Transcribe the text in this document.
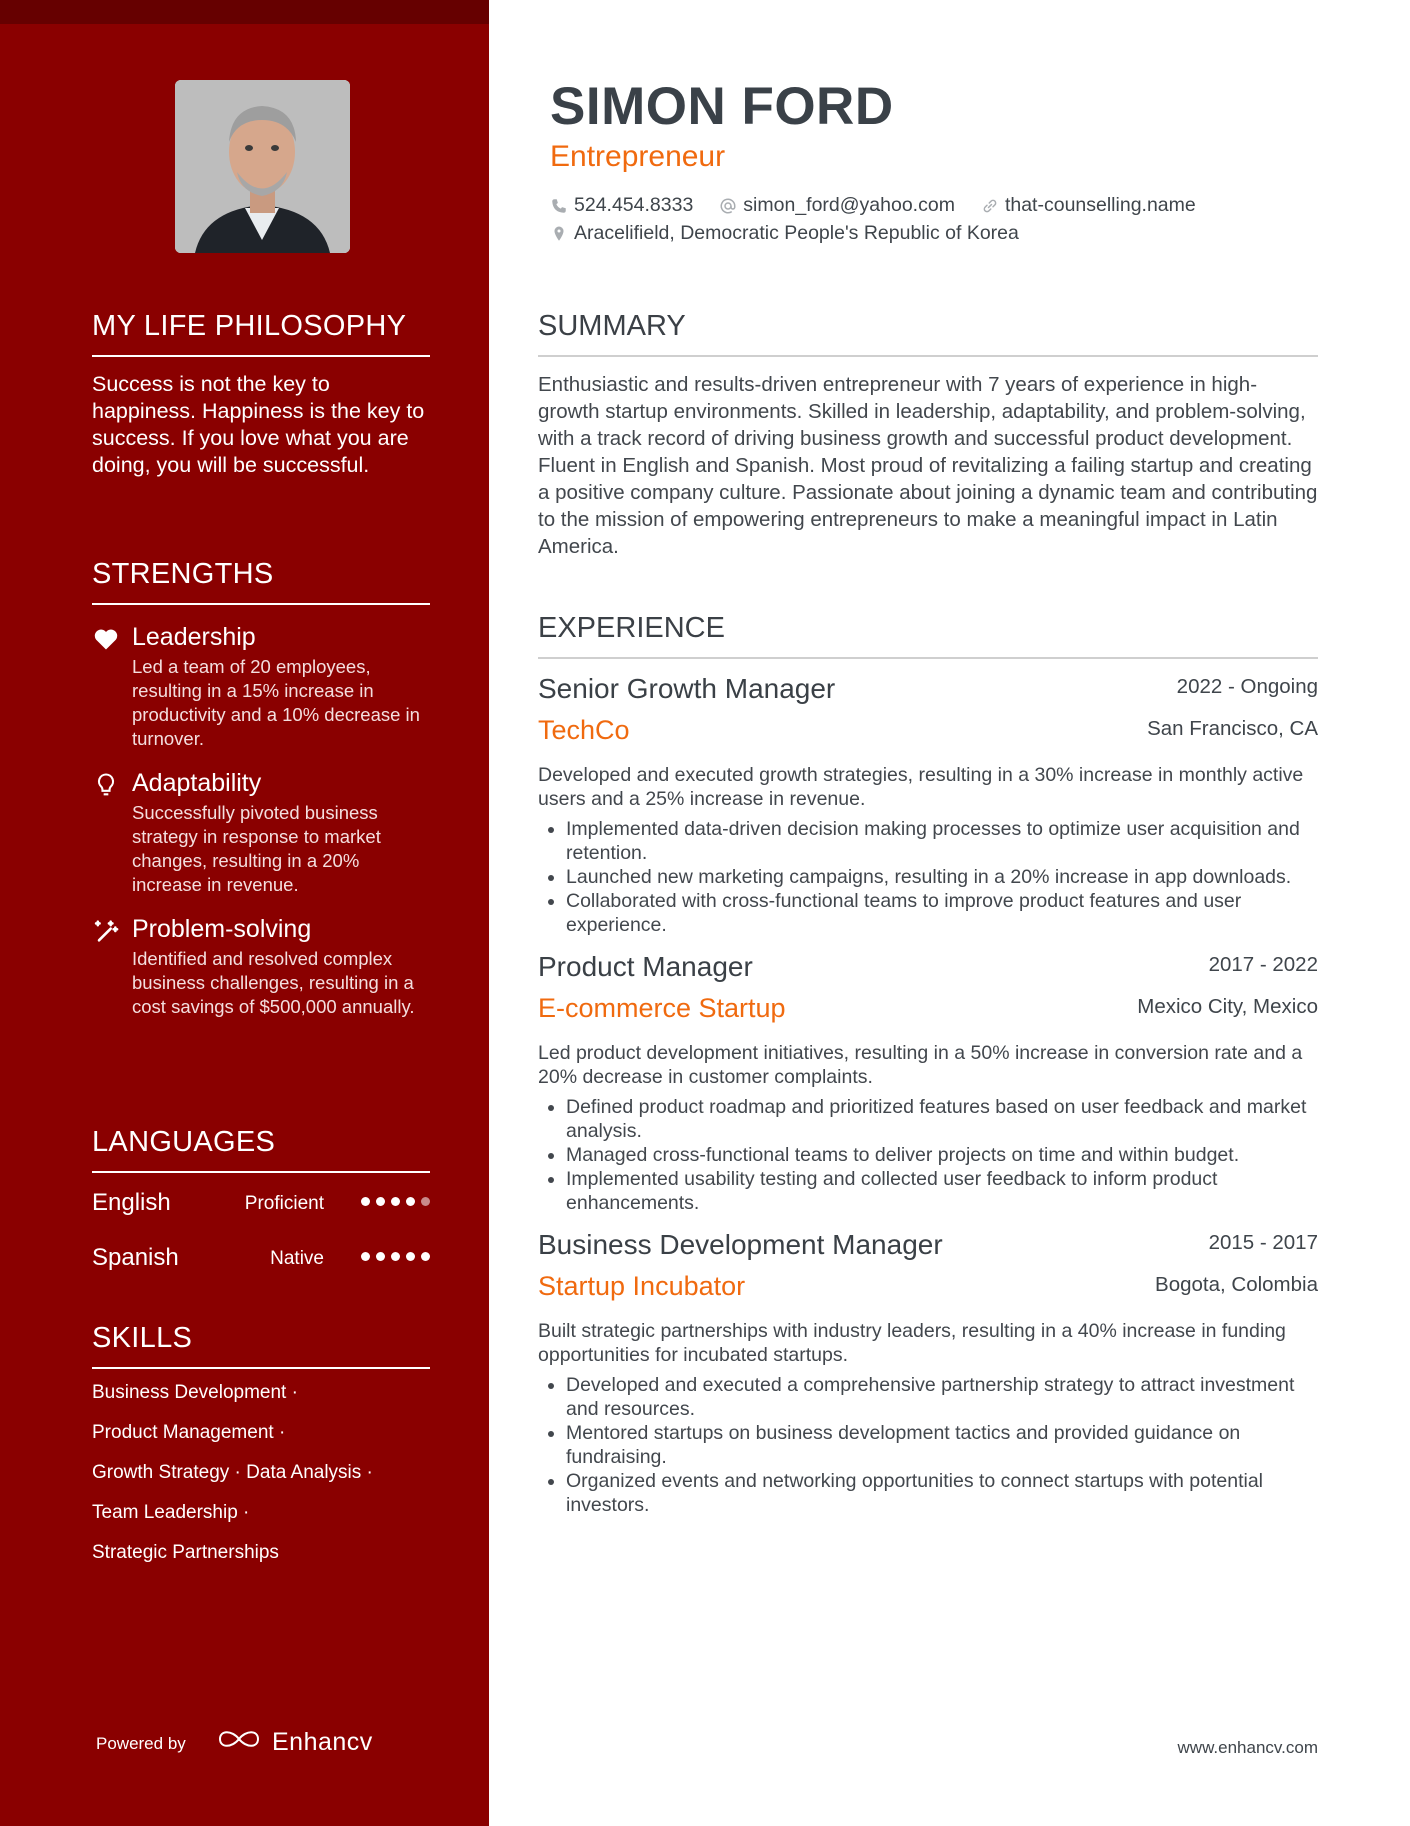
MY LIFE PHILOSOPHY
Success is not the key to happiness. Happiness is the key to success. If you love what you are doing, you will be successful.
STRENGTHS
Leadership
Led a team of 20 employees, resulting in a 15% increase in productivity and a 10% decrease in turnover.
Adaptability
Successfully pivoted business strategy in response to market changes, resulting in a 20% increase in revenue.
Problem-solving
Identified and resolved complex business challenges, resulting in a cost savings of $500,000 annually.
LANGUAGES
English	Proficient
Spanish	Native
SKILLS
Business Development ·
Product Management ·
Growth Strategy · Data Analysis ·
Team Leadership ·
Strategic Partnerships
Powered by	Enhancv
SIMON FORD
Entrepreneur
524.454.8333	simon_ford@yahoo.com	that-counselling.name
Aracelifield, Democratic People's Republic of Korea
SUMMARY
Enthusiastic and results-driven entrepreneur with 7 years of experience in high-growth startup environments. Skilled in leadership, adaptability, and problem-solving, with a track record of driving business growth and successful product development. Fluent in English and Spanish. Most proud of revitalizing a failing startup and creating a positive company culture. Passionate about joining a dynamic team and contributing to the mission of empowering entrepreneurs to make a meaningful impact in Latin America.
EXPERIENCE
Senior Growth Manager	2022 - Ongoing
TechCo	San Francisco, CA
Developed and executed growth strategies, resulting in a 30% increase in monthly active users and a 25% increase in revenue.
• Implemented data-driven decision making processes to optimize user acquisition and retention.
• Launched new marketing campaigns, resulting in a 20% increase in app downloads.
• Collaborated with cross-functional teams to improve product features and user experience.
Product Manager	2017 - 2022
E-commerce Startup	Mexico City, Mexico
Led product development initiatives, resulting in a 50% increase in conversion rate and a 20% decrease in customer complaints.
• Defined product roadmap and prioritized features based on user feedback and market analysis.
• Managed cross-functional teams to deliver projects on time and within budget.
• Implemented usability testing and collected user feedback to inform product enhancements.
Business Development Manager	2015 - 2017
Startup Incubator	Bogota, Colombia
Built strategic partnerships with industry leaders, resulting in a 40% increase in funding opportunities for incubated startups.
• Developed and executed a comprehensive partnership strategy to attract investment and resources.
• Mentored startups on business development tactics and provided guidance on fundraising.
• Organized events and networking opportunities to connect startups with potential investors.
www.enhancv.com
